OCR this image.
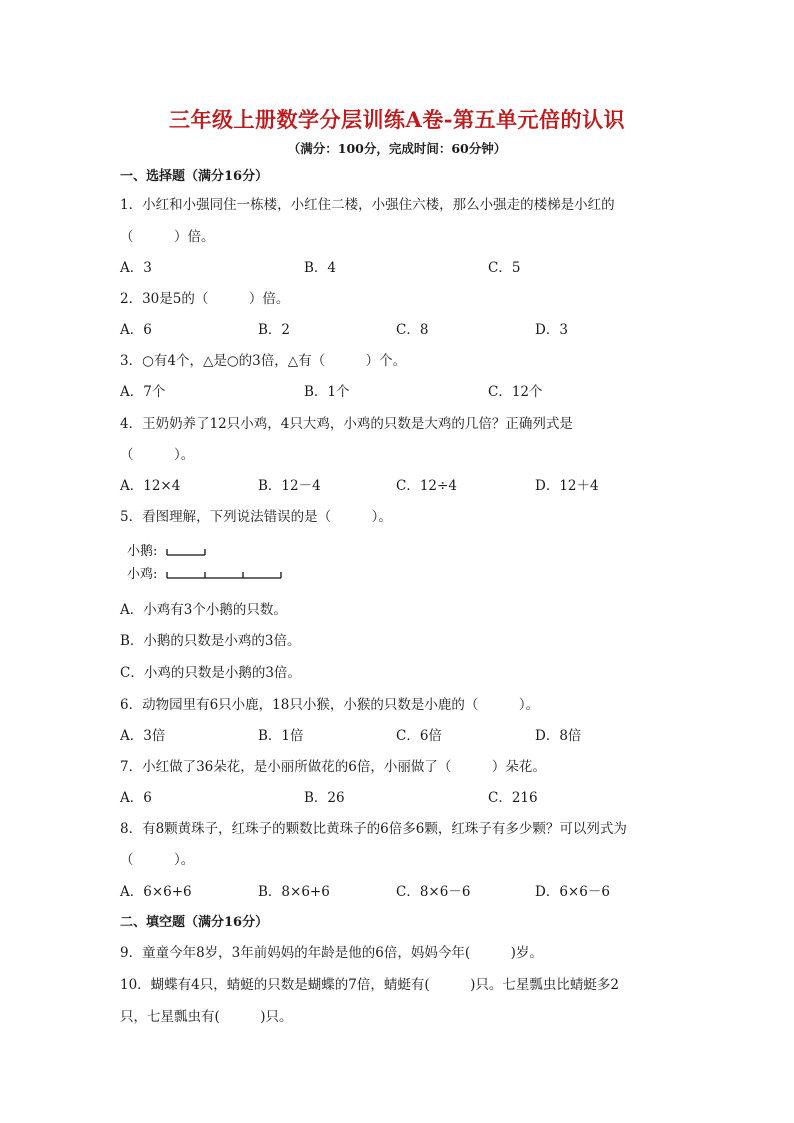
三年级上册数学分层训练A卷-第五单元倍的认识
（满分：100分，完成时间：60分钟）
一、选择题（满分16分）
1．小红和小强同住一栋楼，小红住二楼，小强住六楼，那么小强走的楼梯是小红的
（　　　）倍。
A．3	B．4	C．5
2．30是5的（　　　）倍。
A．6	B．2	C．8	D．3
3．○有4个，△是○的3倍，△有（　　　）个。
A．7个	B．1个	C．12个
4．王奶奶养了12只小鸡，4只大鸡，小鸡的只数是大鸡的几倍？正确列式是
（　　　）。
A．12×4	B．12－4	C．12÷4	D．12＋4
5．看图理解，下列说法错误的是（　　　）。
小鹅:
小鸡:
A．小鸡有3个小鹅的只数。
B．小鹅的只数是小鸡的3倍。
C．小鸡的只数是小鹅的3倍。
6．动物园里有6只小鹿，18只小猴，小猴的只数是小鹿的（　　　）。
A．3倍	B．1倍	C．6倍	D．8倍
7．小红做了36朵花，是小丽所做花的6倍，小丽做了（　　　）朵花。
A．6	B．26	C．216
8．有8颗黄珠子，红珠子的颗数比黄珠子的6倍多6颗，红珠子有多少颗？可以列式为
（　　　）。
A．6×6+6	B．8×6+6	C．8×6－6	D．6×6－6
二、填空题（满分16分）
9．童童今年8岁，3年前妈妈的年龄是他的6倍，妈妈今年(　　　)岁。
10．蝴蝶有4只，蜻蜓的只数是蝴蝶的7倍，蜻蜓有(　　　)只。七星瓢虫比蜻蜓多2
只，七星瓢虫有(　　　)只。
